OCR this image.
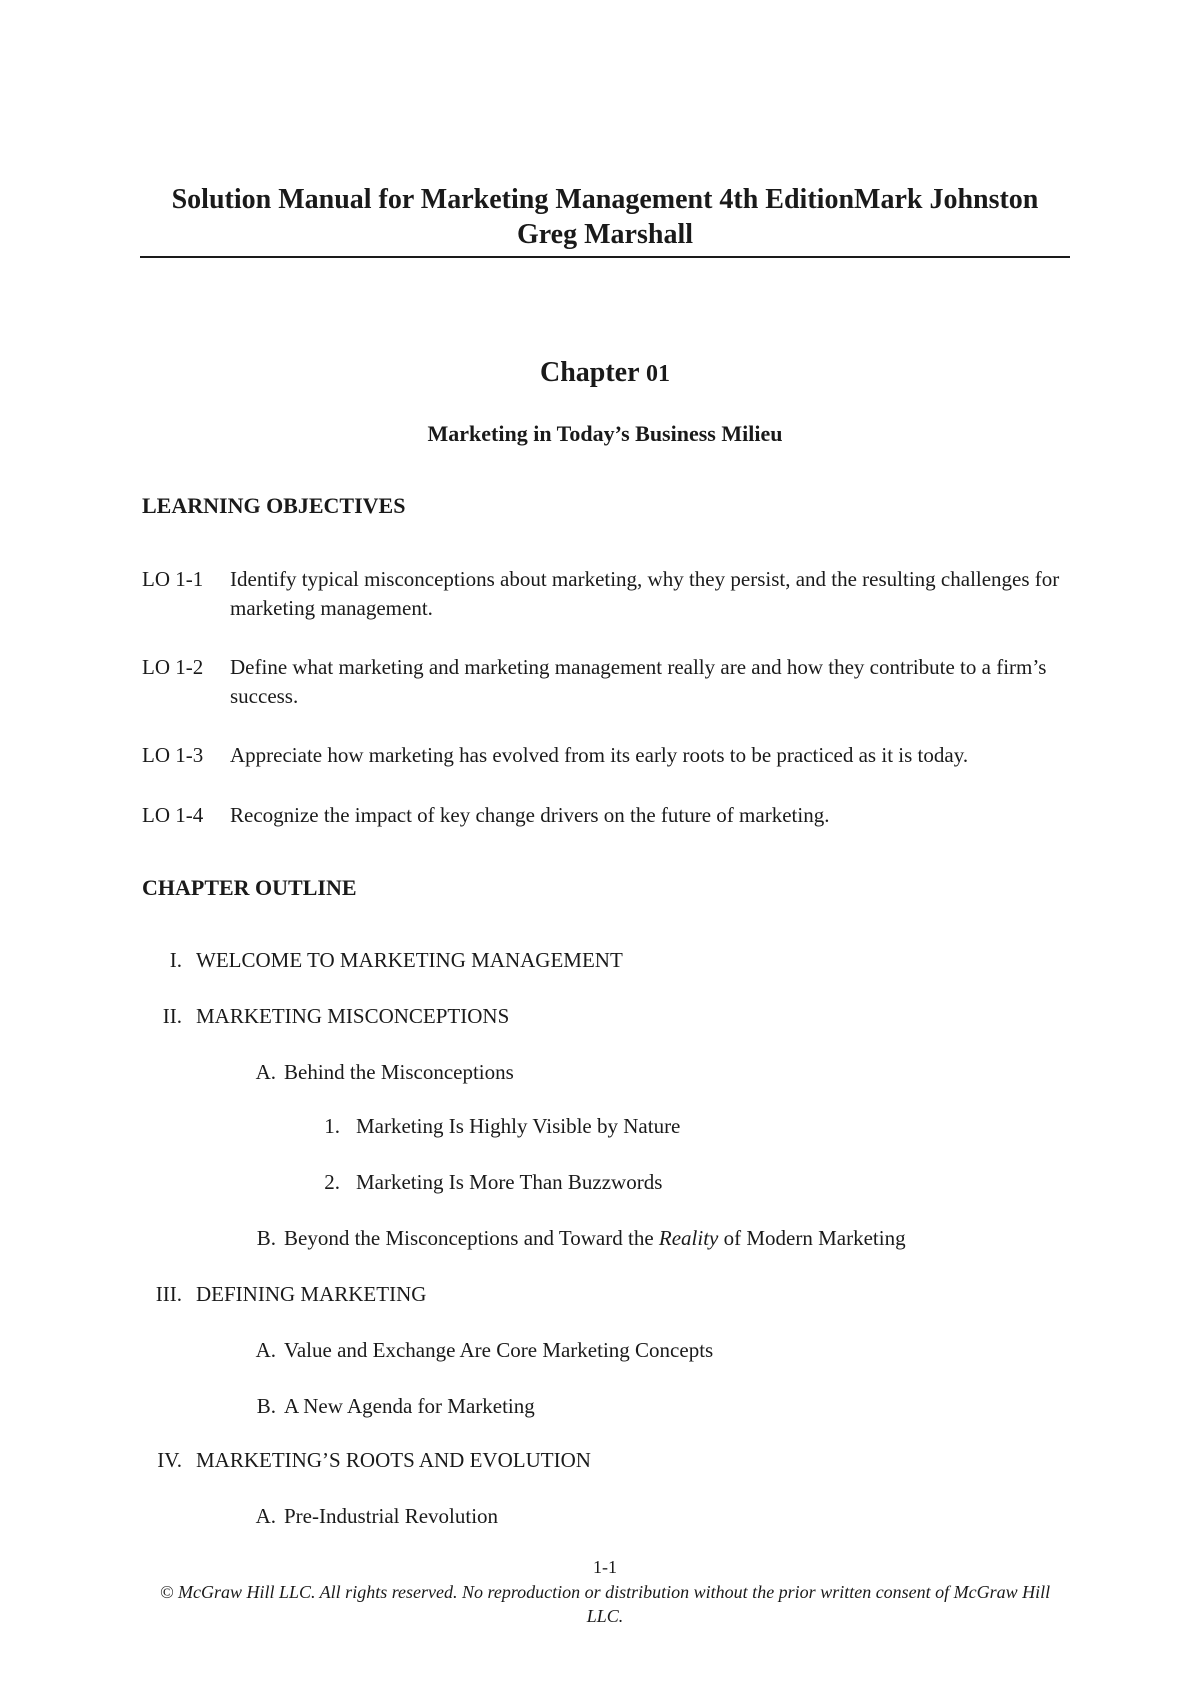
Solution Manual for Marketing Management 4th EditionMark Johnston Greg Marshall
Chapter 01
Marketing in Today’s Business Milieu
LEARNING OBJECTIVES
LO 1-1 Identify typical misconceptions about marketing, why they persist, and the resulting challenges for marketing management.
LO 1-2 Define what marketing and marketing management really are and how they contribute to a firm’s success.
LO 1-3 Appreciate how marketing has evolved from its early roots to be practiced as it is today.
LO 1-4 Recognize the impact of key change drivers on the future of marketing.
CHAPTER OUTLINE
I. WELCOME TO MARKETING MANAGEMENT
II. MARKETING MISCONCEPTIONS
A. Behind the Misconceptions
1. Marketing Is Highly Visible by Nature
2. Marketing Is More Than Buzzwords
B. Beyond the Misconceptions and Toward the Reality of Modern Marketing
III. DEFINING MARKETING
A. Value and Exchange Are Core Marketing Concepts
B. A New Agenda for Marketing
IV. MARKETING’S ROOTS AND EVOLUTION
A. Pre-Industrial Revolution
1-1
© McGraw Hill LLC. All rights reserved. No reproduction or distribution without the prior written consent of McGraw Hill LLC.
